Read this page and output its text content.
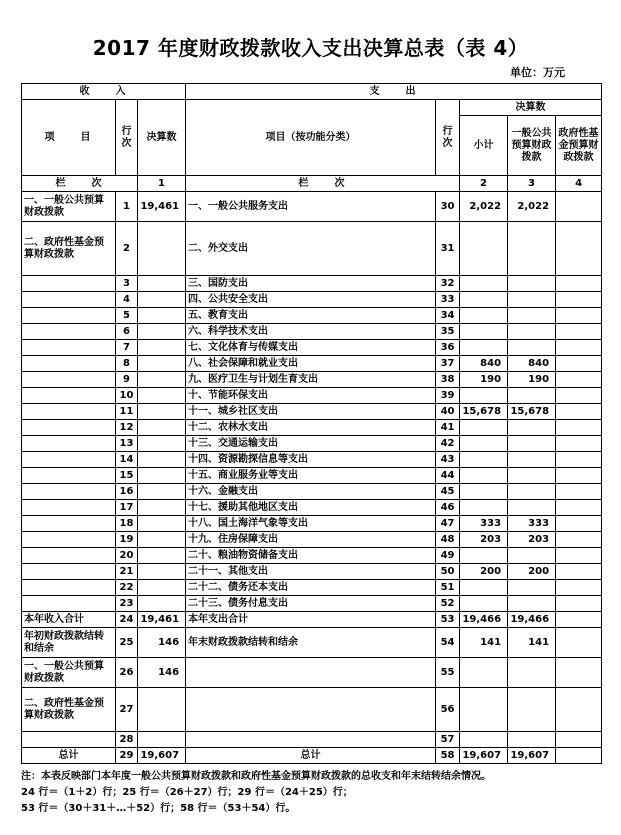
2017 年度财政拨款收入支出决算总表（表 4）
单位：万元
收　　入			支　　出				
项　　目	行次	决算数	项目（按功能分类）	行次	决算数		
					小计	一般公共预算财政拨款	政府性基金预算财政拨款
栏　　次		1	栏　　次		2	3	4
一、一般公共预算财政拨款	1	19,461	一、一般公共服务支出	30	2,022	2,022	
二、政府性基金预算财政拨款	2		二、外交支出	31			
	3		三、国防支出	32			
	4		四、公共安全支出	33			
	5		五、教育支出	34			
	6		六、科学技术支出	35			
	7		七、文化体育与传媒支出	36			
	8		八、社会保障和就业支出	37	840	840	
	9		九、医疗卫生与计划生育支出	38	190	190	
	10		十、节能环保支出	39			
	11		十一、城乡社区支出	40	15,678	15,678	
	12		十二、农林水支出	41			
	13		十三、交通运输支出	42			
	14		十四、资源勘探信息等支出	43			
	15		十五、商业服务业等支出	44			
	16		十六、金融支出	45			
	17		十七、援助其他地区支出	46			
	18		十八、国土海洋气象等支出	47	333	333	
	19		十九、住房保障支出	48	203	203	
	20		二十、粮油物资储备支出	49			
	21		二十一、其他支出	50	200	200	
	22		二十二、债务还本支出	51			
	23		二十三、债务付息支出	52			
本年收入合计	24	19,461	本年支出合计	53	19,466	19,466	
年初财政拨款结转和结余	25	146	年末财政拨款结转和结余	54	141	141	
一、一般公共预算财政拨款	26	146		55			
二、政府性基金预算财政拨款	27			56			
	28			57			
总计	29	19,607	总计	58	19,607	19,607	
注：本表反映部门本年度一般公共预算财政拨款和政府性基金预算财政拨款的总收支和年末结转结余情况。
24 行＝（1＋2）行；25 行＝（26＋27）行；29 行＝（24＋25）行；
53 行＝（30＋31＋…＋52）行；58 行＝（53＋54）行。
